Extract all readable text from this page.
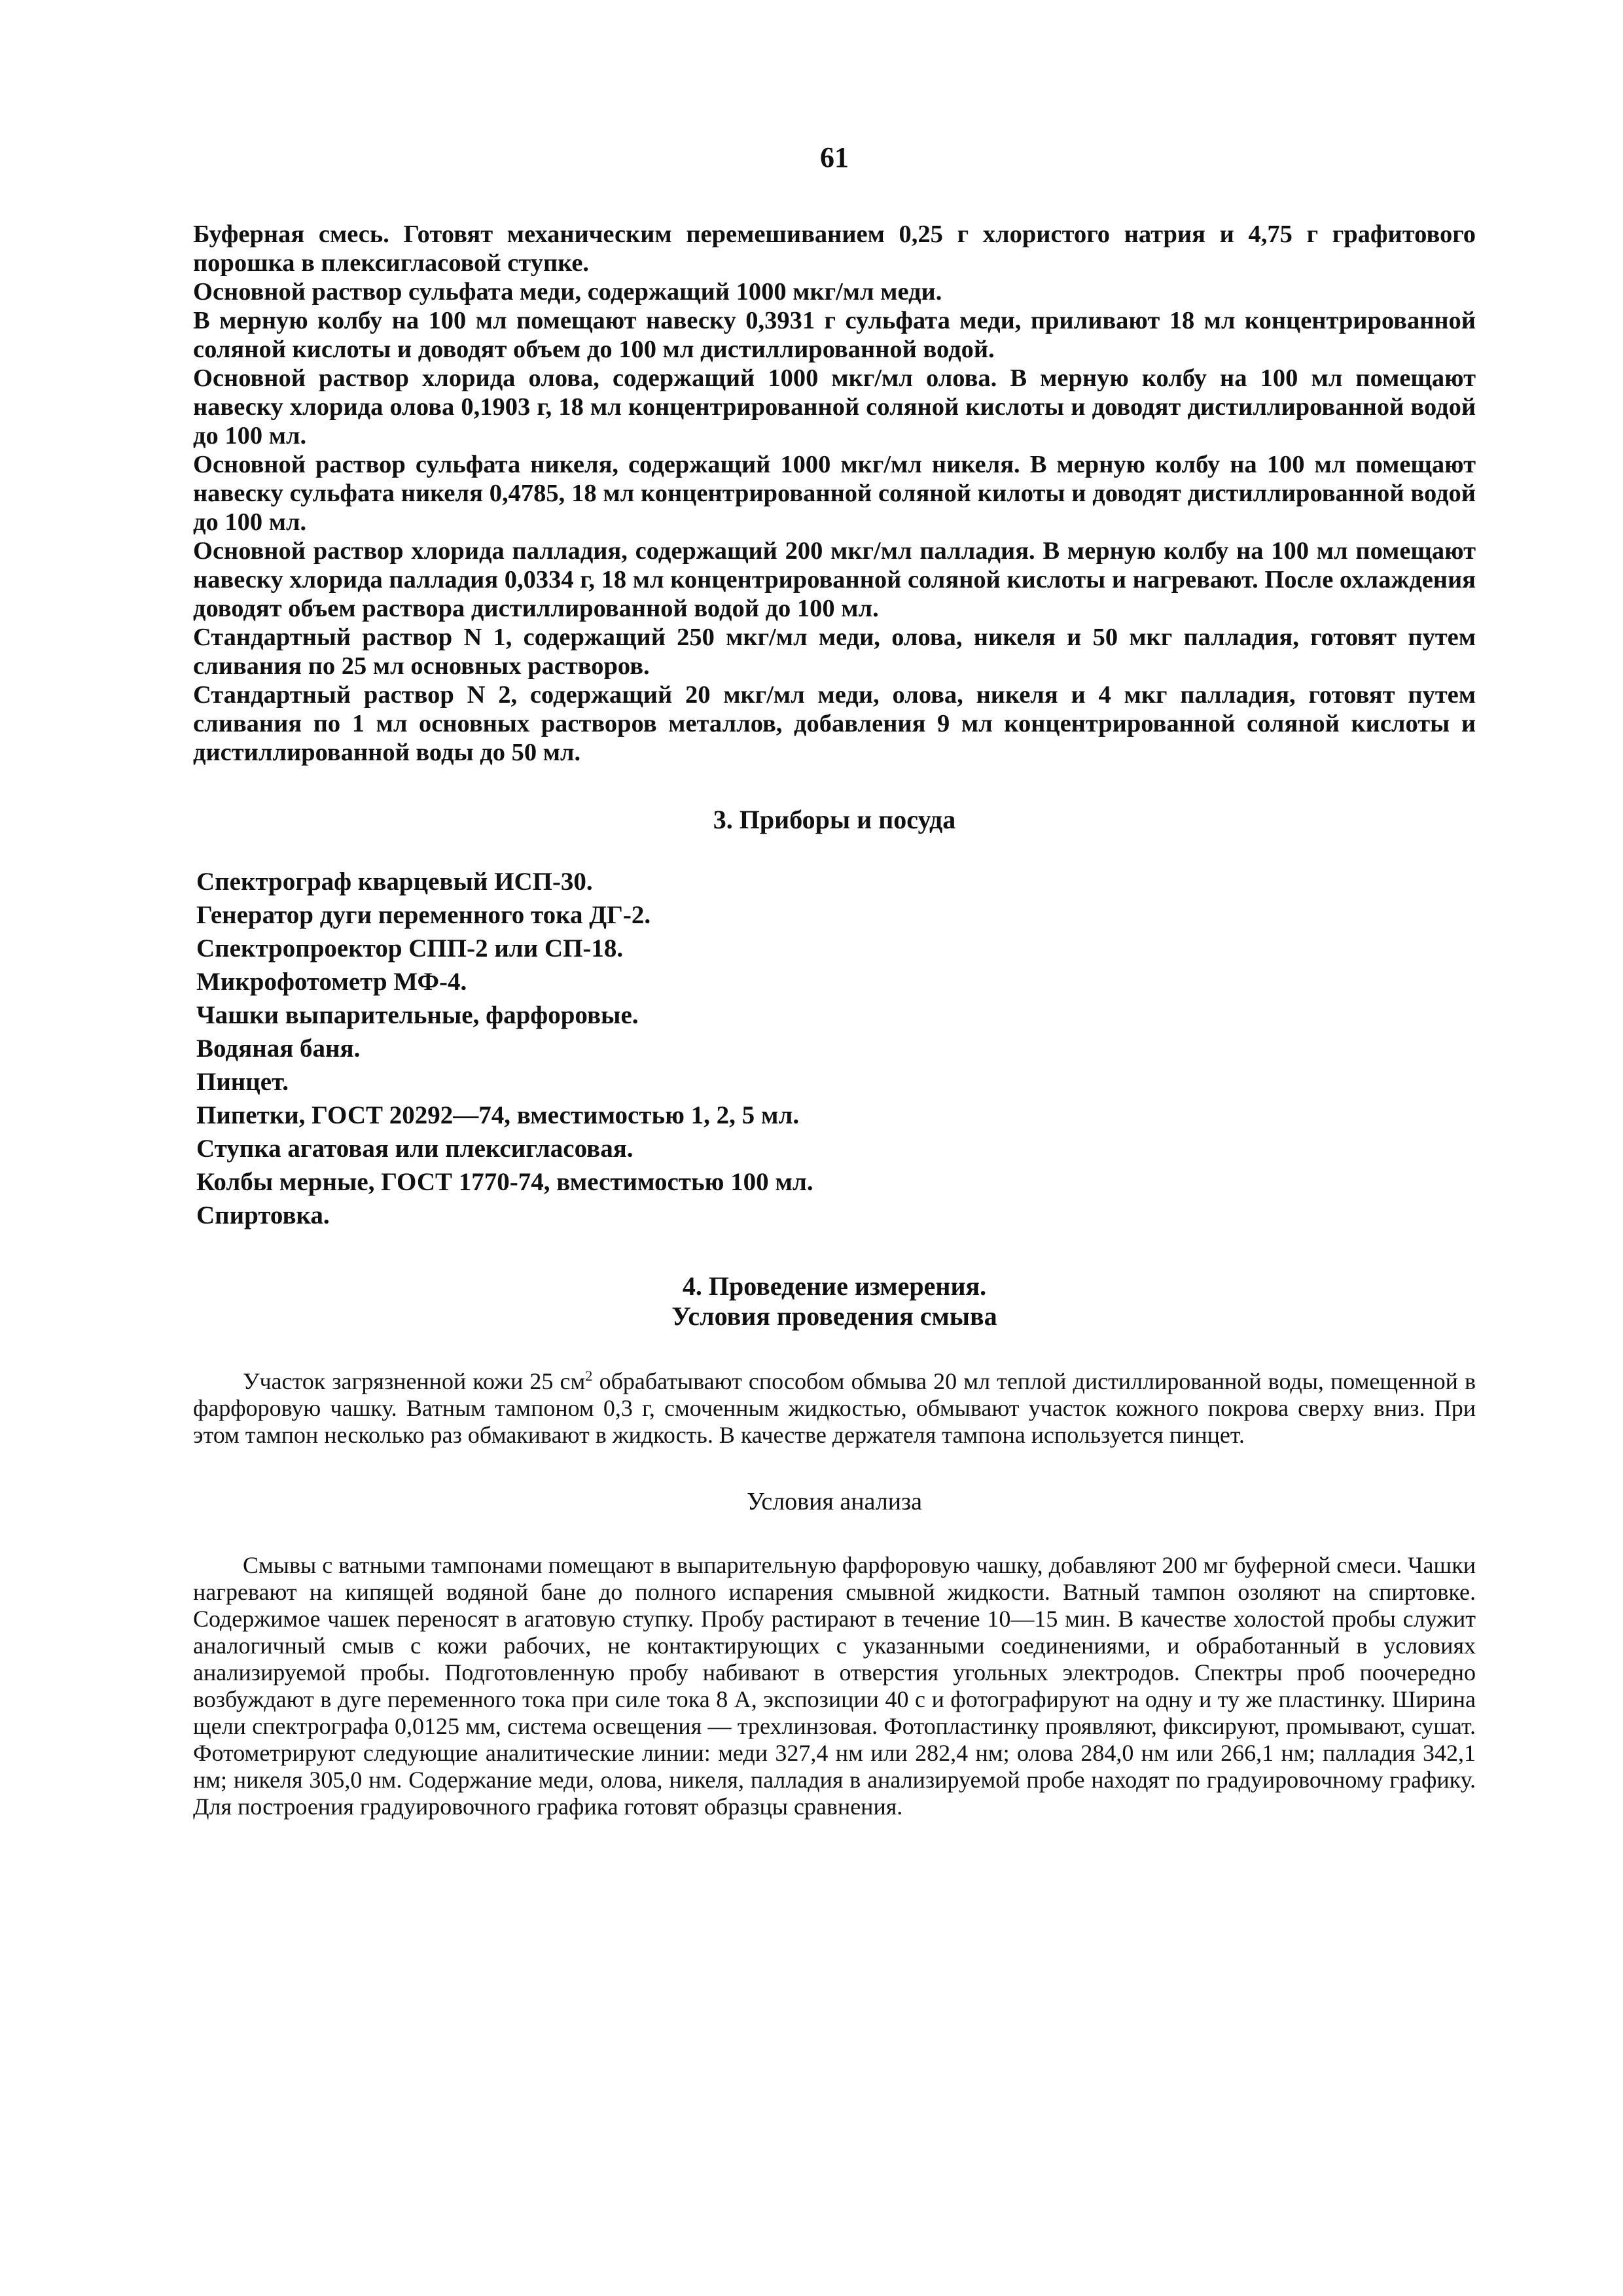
61

Буферная смесь. Готовят механическим перемешиванием 0,25 г хлористого натрия и 4,75 г графитового порошка в плексигласовой ступке.

Основной раствор сульфата меди, содержащий 1000 мкг/мл меди.

В мерную колбу на 100 мл помещают навеску 0,3931 г сульфата меди, приливают 18 мл концентрированной соляной кислоты и доводят объем до 100 мл дистиллированной водой.

Основной раствор хлорида олова, содержащий 1000 мкг/мл олова. В мерную колбу на 100 мл помещают навеску хлорида олова 0,1903 г, 18 мл концентрированной соляной кислоты и доводят дистиллированной водой до 100 мл.

Основной раствор сульфата никеля, содержащий 1000 мкг/мл никеля. В мерную колбу на 100 мл помещают навеску сульфата никеля 0,4785, 18 мл концентрированной соляной килоты и доводят дистиллированной водой до 100 мл.

Основной раствор хлорида палладия, содержащий 200 мкг/мл палладия. В мерную колбу на 100 мл помещают навеску хлорида палладия 0,0334 г, 18 мл концентрированной соляной кислоты и нагревают. После охлаждения доводят объем раствора дистиллированной водой до 100 мл.

Стандартный раствор N 1, содержащий 250 мкг/мл меди, олова, никеля и 50 мкг палладия, готовят путем сливания по 25 мл основных растворов.

Стандартный раствор N 2, содержащий 20 мкг/мл меди, олова, никеля и 4 мкг палладия, готовят путем сливания по 1 мл основных растворов металлов, добавления 9 мл концентрированной соляной кислоты и дистиллированной воды до 50 мл.

3. Приборы и посуда
Спектрограф кварцевый ИСП-30.
Генератор дуги переменного тока ДГ-2.
Спектропроектор СПП-2 или СП-18.
Микрофотометр МФ-4.
Чашки выпарительные, фарфоровые.
Водяная баня.
Пинцет.
Пипетки, ГОСТ 20292—74, вместимостью 1, 2, 5 мл.
Ступка агатовая или плексигласовая.
Колбы мерные, ГОСТ 1770-74, вместимостью 100 мл.
Спиртовка.
4. Проведение измерения.
Условия проведения смыва

Участок загрязненной кожи 25 $см^2$ обрабатывают способом обмыва 20 мл теплой дистиллированной воды, помещенной в фарфоровую чашку. Ватным тампоном 0,3 г, смоченным жидкостью, обмывают участок кожного покрова сверху вниз. При этом тампон несколько раз обмакивают в жидкость. В качестве держателя тампона используется пинцет.

Условия анализа

Смывы с ватными тампонами помещают в выпарительную фарфоровую чашку, добавляют 200 мг буферной смеси. Чашки нагревают на кипящей водяной бане до полного испарения смывной жидкости. Ватный тампон озоляют на спиртовке. Содержимое чашек переносят в агатовую ступку. Пробу растирают в течение 10—15 мин. В качестве холостой пробы служит аналогичный смыв с кожи рабочих, не контактирующих с указанными соединениями, и обработанный в условиях анализируемой пробы. Подготовленную пробу набивают в отверстия угольных электродов. Спектры проб поочередно возбуждают в дуге переменного тока при силе тока 8 А, экспозиции 40 с и фотографируют на одну и ту же пластинку. Ширина щели спектрографа 0,0125 мм, система освещения — трехлинзовая. Фотопластинку проявляют, фиксируют, промывают, сушат. Фотометрируют следующие аналитические линии: меди 327,4 нм или 282,4 нм; олова 284,0 нм или 266,1 нм; палладия 342,1 нм; никеля 305,0 нм. Содержание меди, олова, никеля, палладия в анализируемой пробе находят по градуировочному графику. Для построения градуировочного графика готовят образцы сравнения.
